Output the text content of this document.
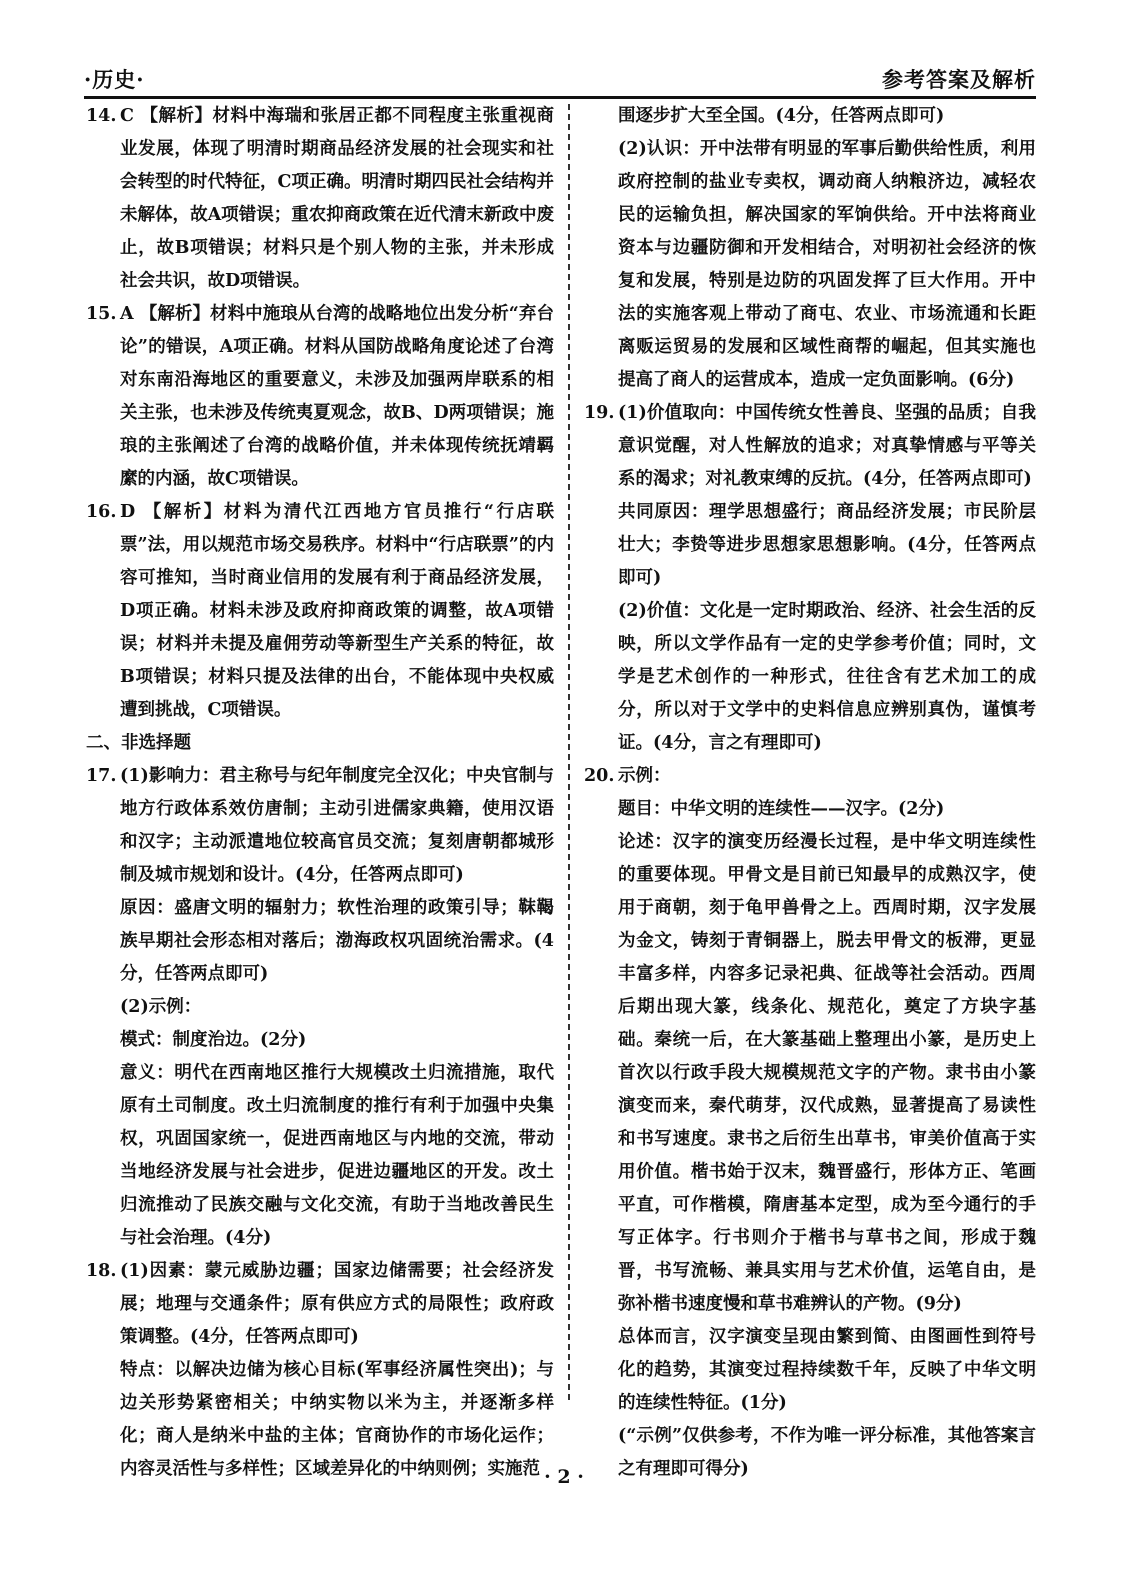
·历史·	参考答案及解析

14. C 【解析】材料中海瑞和张居正都不同程度主张重视商业发展，体现了明清时期商品经济发展的社会现实和社会转型的时代特征，C项正确。明清时期四民社会结构并未解体，故A项错误；重农抑商政策在近代清末新政中废止，故B项错误；材料只是个别人物的主张，并未形成社会共识，故D项错误。

15. A 【解析】材料中施琅从台湾的战略地位出发分析“弃台论”的错误，A项正确。材料从国防战略角度论述了台湾对东南沿海地区的重要意义，未涉及加强两岸联系的相关主张，也未涉及传统夷夏观念，故B、D两项错误；施琅的主张阐述了台湾的战略价值，并未体现传统抚靖羁縻的内涵，故C项错误。

16. D 【解析】材料为清代江西地方官员推行“行店联票”法，用以规范市场交易秩序。材料中“行店联票”的内容可推知，当时商业信用的发展有利于商品经济发展，D项正确。材料未涉及政府抑商政策的调整，故A项错误；材料并未提及雇佣劳动等新型生产关系的特征，故B项错误；材料只提及法律的出台，不能体现中央权威遭到挑战，C项错误。

二、非选择题

17. (1)影响力：君主称号与纪年制度完全汉化；中央官制与地方行政体系效仿唐制；主动引进儒家典籍，使用汉语和汉字；主动派遣地位较高官员交流；复刻唐朝都城形制及城市规划和设计。(4分，任答两点即可)

原因：盛唐文明的辐射力；软性治理的政策引导；靺鞨族早期社会形态相对落后；渤海政权巩固统治需求。(4分，任答两点即可)

(2)示例：

模式：制度治边。(2分)

意义：明代在西南地区推行大规模改土归流措施，取代原有土司制度。改土归流制度的推行有利于加强中央集权，巩固国家统一，促进西南地区与内地的交流，带动当地经济发展与社会进步，促进边疆地区的开发。改土归流推动了民族交融与文化交流，有助于当地改善民生与社会治理。(4分)

18. (1)因素：蒙元威胁边疆；国家边储需要；社会经济发展；地理与交通条件；原有供应方式的局限性；政府政策调整。(4分，任答两点即可)

特点：以解决边储为核心目标(军事经济属性突出)；与边关形势紧密相关；中纳实物以米为主，并逐渐多样化；商人是纳米中盐的主体；官商协作的市场化运作；内容灵活性与多样性；区域差异化的中纳则例；实施范

围逐步扩大至全国。(4分，任答两点即可)

(2)认识：开中法带有明显的军事后勤供给性质，利用政府控制的盐业专卖权，调动商人纳粮济边，减轻农民的运输负担，解决国家的军饷供给。开中法将商业资本与边疆防御和开发相结合，对明初社会经济的恢复和发展，特别是边防的巩固发挥了巨大作用。开中法的实施客观上带动了商屯、农业、市场流通和长距离贩运贸易的发展和区域性商帮的崛起，但其实施也提高了商人的运营成本，造成一定负面影响。(6分)

19. (1)价值取向：中国传统女性善良、坚强的品质；自我意识觉醒，对人性解放的追求；对真挚情感与平等关系的渴求；对礼教束缚的反抗。(4分，任答两点即可)

共同原因：理学思想盛行；商品经济发展；市民阶层壮大；李贽等进步思想家思想影响。(4分，任答两点即可)

(2)价值：文化是一定时期政治、经济、社会生活的反映，所以文学作品有一定的史学参考价值；同时，文学是艺术创作的一种形式，往往含有艺术加工的成分，所以对于文学中的史料信息应辨别真伪，谨慎考证。(4分，言之有理即可)

20. 示例：

题目：中华文明的连续性——汉字。(2分)

论述：汉字的演变历经漫长过程，是中华文明连续性的重要体现。甲骨文是目前已知最早的成熟汉字，使用于商朝，刻于龟甲兽骨之上。西周时期，汉字发展为金文，铸刻于青铜器上，脱去甲骨文的板滞，更显丰富多样，内容多记录祀典、征战等社会活动。西周后期出现大篆，线条化、规范化，奠定了方块字基础。秦统一后，在大篆基础上整理出小篆，是历史上首次以行政手段大规模规范文字的产物。隶书由小篆演变而来，秦代萌芽，汉代成熟，显著提高了易读性和书写速度。隶书之后衍生出草书，审美价值高于实用价值。楷书始于汉末，魏晋盛行，形体方正、笔画平直，可作楷模，隋唐基本定型，成为至今通行的手写正体字。行书则介于楷书与草书之间，形成于魏晋，书写流畅、兼具实用与艺术价值，运笔自由，是弥补楷书速度慢和草书难辨认的产物。(9分)

总体而言，汉字演变呈现由繁到简、由图画性到符号化的趋势，其演变过程持续数千年，反映了中华文明的连续性特征。(1分)

(“示例”仅供参考，不作为唯一评分标准，其他答案言之有理即可得分)

· 2 ·
